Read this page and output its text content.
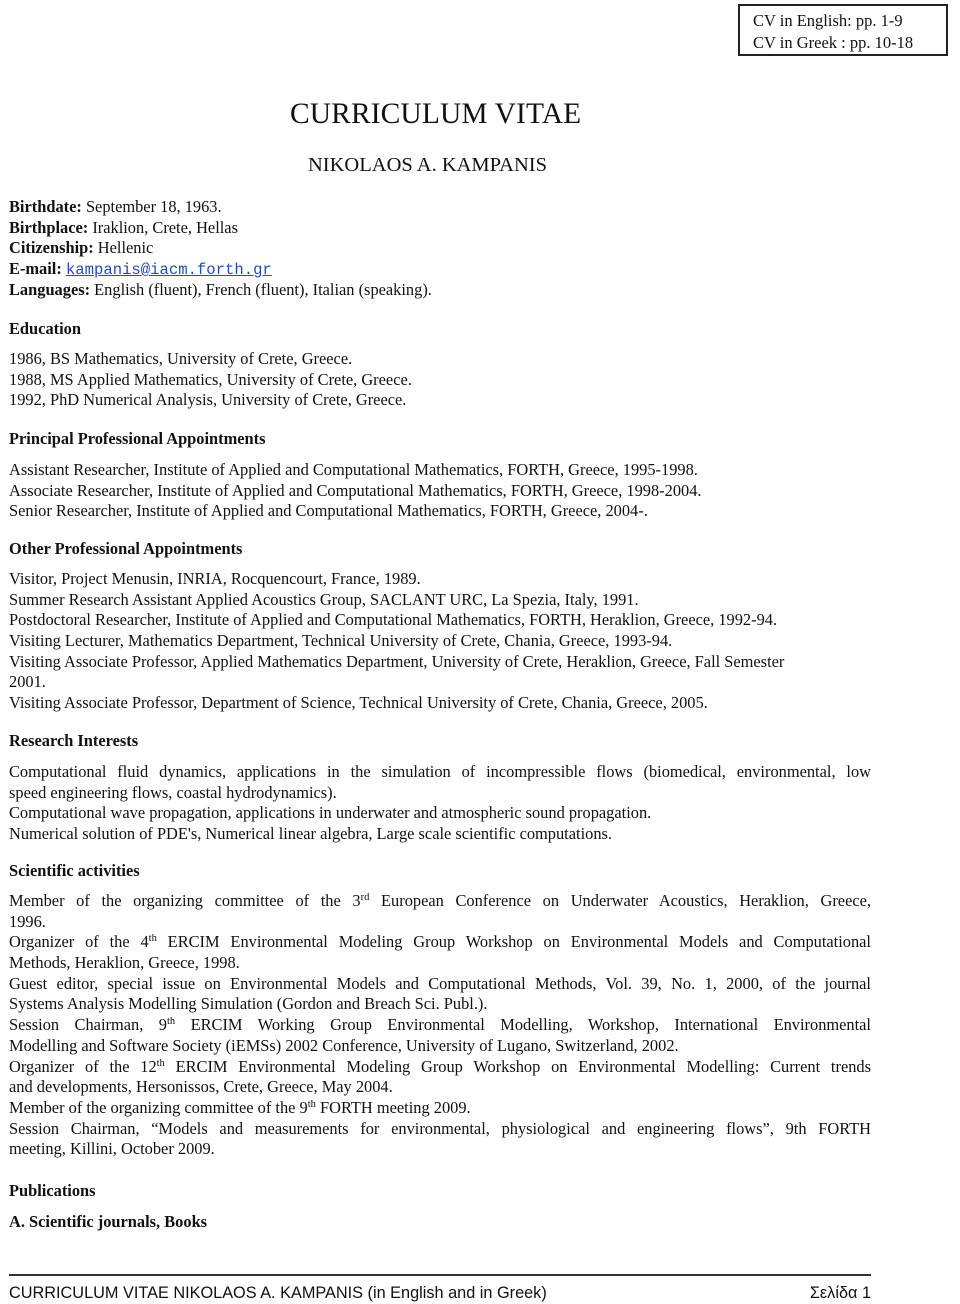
CV in English: pp. 1-9
CV in Greek : pp. 10-18
CURRICULUM VITAE
NIKOLAOS A. KAMPANIS
Birthdate: September 18, 1963.
Birthplace: Iraklion, Crete, Hellas
Citizenship: Hellenic
E-mail: kampanis@iacm.forth.gr
Languages: English (fluent), French (fluent), Italian (speaking).
Education
1986, BS Mathematics, University of Crete, Greece.
1988, MS Applied Mathematics, University of Crete, Greece.
1992, PhD Numerical Analysis, University of Crete, Greece.
Principal Professional Appointments
Assistant Researcher, Institute of Applied and Computational Mathematics, FORTH, Greece, 1995-1998.
Associate Researcher, Institute of Applied and Computational Mathematics, FORTH, Greece, 1998-2004.
Senior Researcher, Institute of Applied and Computational Mathematics, FORTH, Greece, 2004-.
Other Professional Appointments
Visitor, Project Menusin, INRIA, Rocquencourt, France, 1989.
Summer Research Assistant Applied Acoustics Group, SACLANT URC, La Spezia, Italy, 1991.
Postdoctoral Researcher, Institute of Applied and Computational Mathematics, FORTH, Heraklion, Greece, 1992-94.
Visiting Lecturer, Mathematics Department, Technical University of Crete, Chania, Greece, 1993-94.
Visiting Associate Professor, Applied Mathematics Department, University of Crete, Heraklion, Greece, Fall Semester
2001.
Visiting Associate Professor, Department of Science, Technical University of Crete, Chania, Greece, 2005.
Research Interests
Computational fluid dynamics, applications in the simulation of incompressible flows (biomedical, environmental, low
speed engineering flows, coastal hydrodynamics).
Computational wave propagation, applications in underwater and atmospheric sound propagation.
Numerical solution of PDE's, Numerical linear algebra, Large scale scientific computations.
Scientific activities
Member of the organizing committee of the 3rd European Conference on Underwater Acoustics, Heraklion, Greece,
1996.
Organizer of the 4th ERCIM Environmental Modeling Group Workshop on Environmental Models and Computational
Methods, Heraklion, Greece, 1998.
Guest editor, special issue on Environmental Models and Computational Methods, Vol. 39, No. 1, 2000, of the journal
Systems Analysis Modelling Simulation (Gordon and Breach Sci. Publ.).
Session Chairman, 9th ERCIM Working Group Environmental Modelling, Workshop, International Environmental
Modelling and Software Society (iEMSs) 2002 Conference, University of Lugano, Switzerland, 2002.
Organizer of the 12th ERCIM Environmental Modeling Group Workshop on Environmental Modelling: Current trends
and developments, Hersonissos, Crete, Greece, May 2004.
Member of the organizing committee of the 9th FORTH meeting 2009.
Session Chairman, “Models and measurements for environmental, physiological and engineering flows”, 9th FORTH
meeting, Killini, October 2009.
Publications
A. Scientific journals, Books
CURRICULUM VITAE NIKOLAOS A. KAMPANIS (in English and in Greek)	Σελίδα 1
